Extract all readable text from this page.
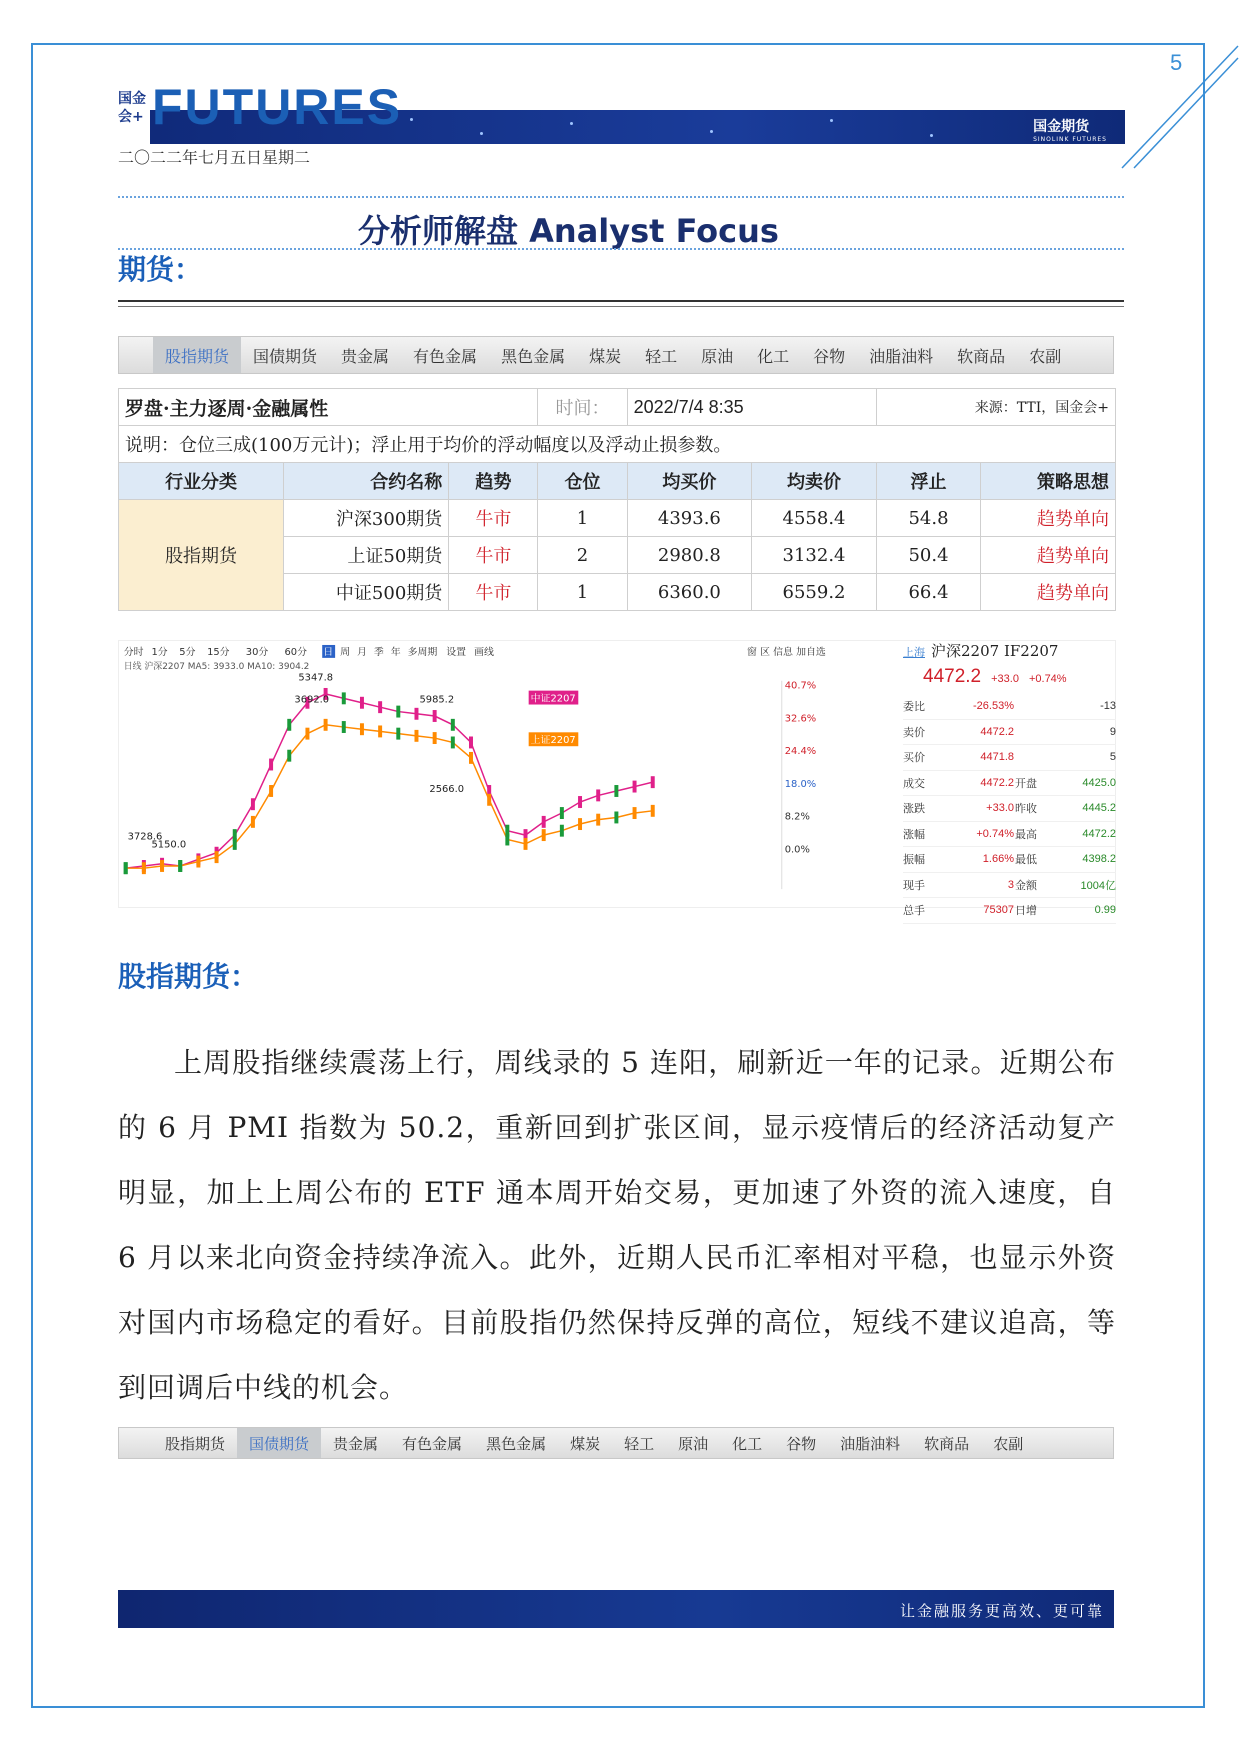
5
国金期货
SINOLINK FUTURES
国金会+ FUTURES
二〇二二年七月五日星期二
分析师解盘 Analyst Focus
期货：
股指期货	国债期货	贵金属	有色金属	黑色金属	煤炭	轻工	原油	化工	谷物	油脂油料	软商品	农副
罗盘·主力逐周·金融属性			时间：	2022/7/4 8:35		来源：TTI，国金会+	
说明：仓位三成(100万元计)；浮止用于均价的浮动幅度以及浮动止损参数。							
行业分类	合约名称	趋势	仓位	均买价	均卖价	浮止	策略思想
股指期货	沪深300期货	牛市	1	4393.6	4558.4	54.8	趋势单向
	上证50期货	牛市	2	2980.8	3132.4	50.4	趋势单向
	中证500期货	牛市	1	6360.0	6559.2	66.4	趋势单向
分时 1分 5分 15分 30分 60分 日 周 月 季 年 多周期 设置 画线	窗 区 信息 加自选
日线 沪深2207 MA5: 3933.0 MA10: 3904.2
中证2207
上证2207
5347.8
3692.0	5985.2
2566.0
3728.6
5150.0
40.7%
32.6%
24.4%
18.0%
8.2%
0.0%
上海 沪深2207 IF2207
4472.2 +33.0 +0.74%
委比	-26.53%	-13
卖价	4472.2	9
买价	4471.8	5
成交	4472.2 开盘	4425.0
涨跌	+33.0 昨收	4445.2
涨幅	+0.74% 最高	4472.2
振幅	1.66% 最低	4398.2
现手	3 金额	1004亿
总手	75307 日增	0.99
股指期货：

上周股指继续震荡上行，周线录的 5 连阳，刷新近一年的记录。近期公布的 6 月 PMI 指数为 50.2，重新回到扩张区间，显示疫情后的经济活动复产明显，加上上周公布的 ETF 通本周开始交易，更加速了外资的流入速度，自 6 月以来北向资金持续净流入。此外，近期人民币汇率相对平稳，也显示外资对国内市场稳定的看好。目前股指仍然保持反弹的高位，短线不建议追高，等到回调后中线的机会。

股指期货	国债期货	贵金属	有色金属	黑色金属	煤炭	轻工	原油	化工	谷物	油脂油料	软商品	农副
让金融服务更高效、更可靠
